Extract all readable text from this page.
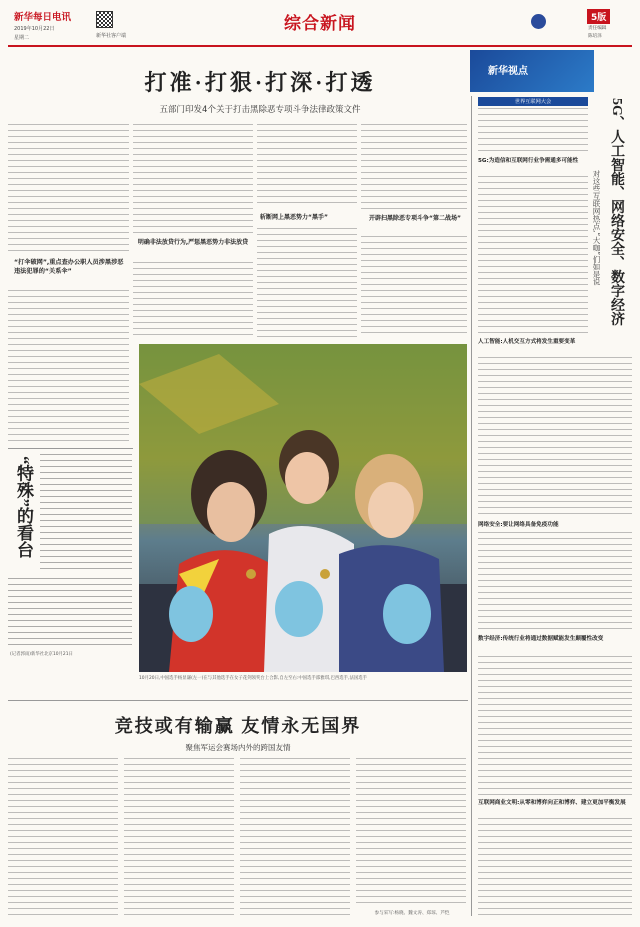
新华每日电讯
2019年10月22日
星期二	新华社客户端
综合新闻	5版
责任编辑
陈培泽
打准·打狠·打深·打透
五部门印发4个关于打击黑除恶专项斗争法律政策文件
“打伞破网”,重点查办公职人员涉黑涉恶违法犯罪的“关系伞”
明确非法放贷行为,严惩黑恶势力非法放贷
斩断网上黑恶势力“黑手”	开辟扫黑除恶专项斗争“第二战场”
“特殊”的看台
(记者郭雨)新华社北京10月21日
10月20日,中国选手杨显谦(左一)在与其他选手在女子花剑领奖台上合影,自左至右:中国选手邵雅琪,巴西选手,法国选手
新华视点
世界互联网大会
5G:为造信和互联网行业争需通多可能性
人工智能:人机交互方式将发生重要变革
网络安全:要让网络具备免疫功能
数字经济:传统行业将通过数据赋能发生颠覆性改变
互联网商业文明:从零和博弈向正和博弈、建立更加平衡发展
5G、人工智能、网络安全、数字经济
对这些互联网热点,“大咖”们如是说
竞技或有输赢 友情永无国界
聚焦军运会赛场内外的跨国友情
参与采写:杨晓、魏文涛、郑琼、芦恺
